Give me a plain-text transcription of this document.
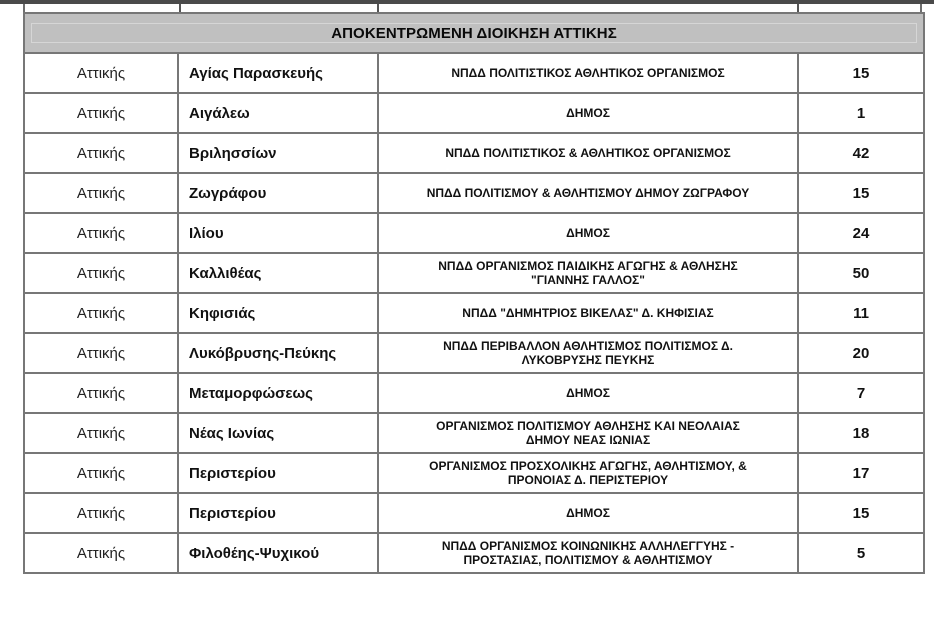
ΑΠΟΚΕΝΤΡΩΜΕΝΗ ΔΙΟΙΚΗΣΗ ΑΤΤΙΚΗΣ			

Αττικής	Αγίας Παρασκευής	ΝΠΔΔ ΠΟΛΙΤΙΣΤΙΚΟΣ ΑΘΛΗΤΙΚΟΣ ΟΡΓΑΝΙΣΜΟΣ	15
Αττικής	Αιγάλεω	ΔΗΜΟΣ	1
Αττικής	Βριλησσίων	ΝΠΔΔ ΠΟΛΙΤΙΣΤΙΚΟΣ & ΑΘΛΗΤΙΚΟΣ ΟΡΓΑΝΙΣΜΟΣ	42
Αττικής	Ζωγράφου	ΝΠΔΔ ΠΟΛΙΤΙΣΜΟΥ & ΑΘΛΗΤΙΣΜΟΥ ΔΗΜΟΥ ΖΩΓΡΑΦΟΥ	15
Αττικής	Ιλίου	ΔΗΜΟΣ	24
Αττικής	Καλλιθέας	ΝΠΔΔ ΟΡΓΑΝΙΣΜΟΣ ΠΑΙΔΙΚΗΣ ΑΓΩΓΗΣ & ΑΘΛΗΣΗΣ "ΓΙΑΝΝΗΣ ΓΑΛΛΟΣ"	50
Αττικής	Κηφισιάς	ΝΠΔΔ "ΔΗΜΗΤΡΙΟΣ ΒΙΚΕΛΑΣ" Δ. ΚΗΦΙΣΙΑΣ	11
Αττικής	Λυκόβρυσης-Πεύκης	ΝΠΔΔ ΠΕΡΙΒΑΛΛΟΝ ΑΘΛΗΤΙΣΜΟΣ ΠΟΛΙΤΙΣΜΟΣ Δ. ΛΥΚΟΒΡΥΣΗΣ ΠΕΥΚΗΣ	20
Αττικής	Μεταμορφώσεως	ΔΗΜΟΣ	7
Αττικής	Νέας Ιωνίας	ΟΡΓΑΝΙΣΜΟΣ ΠΟΛΙΤΙΣΜΟΥ ΑΘΛΗΣΗΣ ΚΑΙ ΝΕΟΛΑΙΑΣ ΔΗΜΟΥ ΝΕΑΣ ΙΩΝΙΑΣ	18
Αττικής	Περιστερίου	ΟΡΓΑΝΙΣΜΟΣ ΠΡΟΣΧΟΛΙΚΗΣ ΑΓΩΓΗΣ, ΑΘΛΗΤΙΣΜΟΥ, & ΠΡΟΝΟΙΑΣ Δ. ΠΕΡΙΣΤΕΡΙΟΥ	17
Αττικής	Περιστερίου	ΔΗΜΟΣ	15
Αττικής	Φιλοθέης-Ψυχικού	ΝΠΔΔ ΟΡΓΑΝΙΣΜΟΣ ΚΟΙΝΩΝΙΚΗΣ ΑΛΛΗΛΕΓΓΥΗΣ - ΠΡΟΣΤΑΣΙΑΣ, ΠΟΛΙΤΙΣΜΟΥ & ΑΘΛΗΤΙΣΜΟΥ	5
